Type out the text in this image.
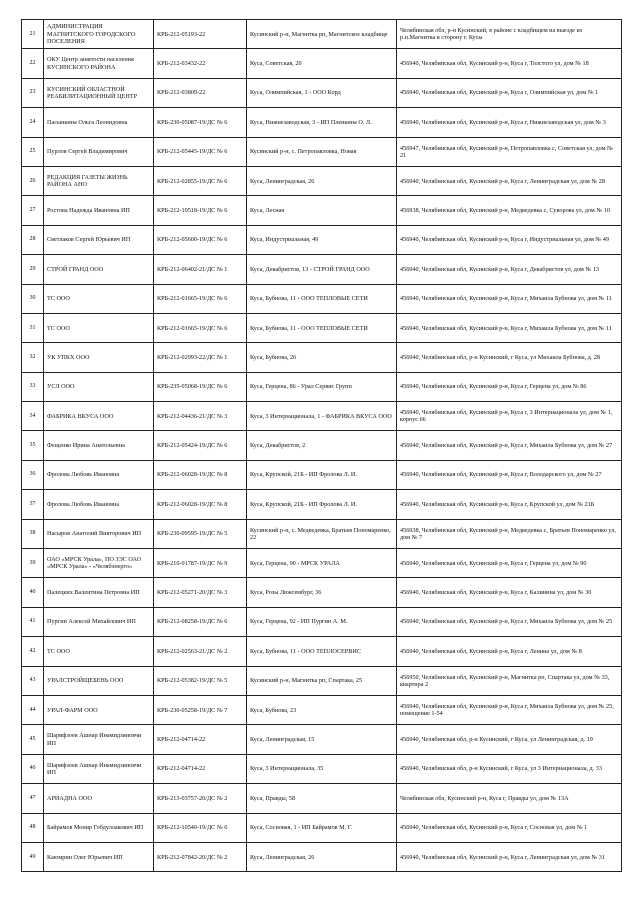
21	АДМИНИСТРАЦИЯ МАГНИТСКОГО ГОРОДСКОГО ПОСЕЛЕНИЯ	КРБ-212-05193-22	Кусинский р-н, Магнитка рп, Магнитское кладбище	Челябинская обл, р-н Кусинский, в районе с кладбищем на выезде из р.п.Магнитка в сторону г. Кусы
22	ОКУ Центр занятости населения КУСИНСКОГО РАЙОНА	КРБ-212-03432-22	Куса, Советская, 20	456940, Челябинская обл, Кусинский р-н, Куса г, Толстого ул, дом № 18
23	КУСИНСКИЙ ОБЛАСТНОЙ РЕАБИЛИТАЦИОННЫЙ ЦЕНТР	КРБ-212-03809-22	Куса, Олимпийская, 1 - ООО Корд	456940, Челябинская обл, Кусинский р-н, Куса г, Олимпийская ул, дом № 1
24	Пасынкина Ольга Леонидовна	КРБ-230-05087-19/ДС № 6	Куса, Нижнезаводская, 3 - ИП Пленкина О. Л.	456940, Челябинская обл, Кусинский р-н, Куса г, Нижнезаводская ул, дом № 3
25	Пурлов Сергей Владимирович	КРБ-212-05445-19/ДС № 6	Кусинский р-н, с. Петропавловка, Новая	456947, Челябинская обл, Кусинский р-н, Петропавловка с, Советская ул, дом № 21
26	РЕДАКЦИЯ ГАЗЕТЫ ЖИЗНЬ РАЙОНА АНО	КРБ-212-02855-19/ДС № 6	Куса, Ленинградская, 26	456940, Челябинская обл, Кусинский р-н, Куса г, Ленинградская ул, дом № 28
27	Ростова Надежда Ивановна ИП	КРБ-212-10518-19/ДС № 6	Куса, Лесная	456938, Челябинская обл, Кусинский р-н, Медведевка с, Суворова ул, дом № 10
28	Светлаков Сергей Юрьевич ИП	КРБ-212-05600-19/ДС № 6	Куса, Индустриальная, 49	456940, Челябинская обл, Кусинский р-н, Куса г, Индустриальная ул, дом № 49
29	СТРОЙ ГРАНД ООО	КРБ-212-06402-21/ДС № 1	Куса, Декабристов, 13 - СТРОЙ ГРАНД ООО	456940, Челябинская обл, Кусинский р-н, Куса г, Декабристов ул, дом № 13
30	ТС ООО	КРБ-212-01665-19/ДС № 6	Куса, Бубнова, 11 - ООО ТЕПЛОВЫЕ СЕТИ	456940, Челябинская обл, Кусинский р-н, Куса г, Михаила Бубнова ул, дом № 11
31	ТС ООО	КРБ-212-01665-19/ДС № 6	Куса, Бубнова, 11 - ООО ТЕПЛОВЫЕ СЕТИ	456940, Челябинская обл, Кусинский р-н, Куса г, Михаила Бубнова ул, дом № 11
32	УК УПКХ ООО	КРБ-212-02993-22/ДС № 1	Куса, Бубнова, 26	456940, Челябинская обл, р-н Кусинский, г Куса, ул Михаила Бубнова, д. 28
33	УСЛ ООО	КРБ-235-05068-19/ДС № 6	Куса, Герцена, 86 - Урал Сервис Групп	456940, Челябинская обл, Кусинский р-н, Куса г, Герцена ул, дом № 86
34	ФАБРИКА ВКУСА ООО	КРБ-212-04436-21/ДС № 3	Куса, 3 Интернационала, 1 - ФАБРИКА ВКУСА ООО	456940, Челябинская обл, Кусинский р-н, Куса г, 3 Интернационала ул, дом № 1, корпус 66
35	Фещенко Ирина Анатольевна	КРБ-212-05424-19/ДС № 6	Куса, Декабристов, 2	456940, Челябинская обл, Кусинский р-н, Куса г, Михаила Бубнова ул, дом № 27
36	Фролова Любовь Ивановна	КРБ-212-06028-19/ДС № 8	Куса, Крупской, 21Б - ИП Фролова Л. И.	456940, Челябинская обл, Кусинский р-н, Куса г, Володарского ул, дом № 27
37	Фролова Любовь Ивановна	КРБ-212-06028-19/ДС № 8	Куса, Крупской, 21Б - ИП Фролова Л. И.	456940, Челябинская обл, Кусинский р-н, Куса г, Крупской ул, дом № 21Б
38	Насыров Анатолий Викторович ИП	КРБ-230-09595-19/ДС № 5	Кусинский р-н, с. Медведевка, Братьев Пономаренко, 22	456938, Челябинская обл, Кусинский р-н, Медведевка с, Братьев Пономаренко ул, дом № 7
39	ОАО «МРСК Урала», ПО ЗЭС ОАО «МРСК Урала» - «Челябэнерго»	КРБ-210-01787-19/ДС № 9	Куса, Герцена, 90 - МРСК УРАЛА	456940, Челябинская обл, Кусинский р-н, Куса г, Герцена ул, дом № 90
40	Палецких Валентина Петровна ИП	КРБ-212-05271-20/ДС № 3	Куса, Розы Люксембург, 36	456940, Челябинская обл, Кусинский р-н, Куса г, Калинина ул, дом № 30
41	Пургин Алексей Михайлович ИП	КРБ-212-08258-19/ДС № 6	Куса, Герцена, 92 - ИП Пургин А. М.	456940, Челябинская обл, Кусинский р-н, Куса г, Михаила Бубнова ул, дом № 25
42	ТС ООО	КРБ-212-02563-21/ДС № 2	Куса, Бубнова, 11 - ООО ТЕПЛОСЕРВИС	456940, Челябинская обл, Кусинский р-н, Куса г, Ленина ул, дом № 8
43	УРАЛСТРОЙЩЕБЕНЬ ООО	КРБ-212-05382-19/ДС № 5	Кусинский р-н, Магнитка рп, Спартака, 25	456950, Челябинская обл, Кусинский р-н, Магнитка рп, Спартака ул, дом № 33, квартира 2
44	УРАЛ-ФАРМ ООО	КРБ-230-05258-19/ДС № 7	Куса, Бубнова, 23	456940, Челябинская обл, Кусинский р-н, Куса г, Михаила Бубнова ул, дом № 25, помещение 1-54
45	Шарифзоев Ашнар Инамидзиновчи ИП	КРБ-212-04714-22	Куса, Ленинградская, 15	456940, Челябинская обл, р-н Кусинский, г Куса, ул Ленинградская, д. 19
46	Шарифзоев Ашнар Инамидзиновчи ИП	КРБ-212-04714-22	Куса, 3 Интернационала, 35	456940, Челябинская обл, р-н Кусинский, г Куса, ул 3 Интернационала, д. 33
47	АРИАДНА ООО	КРБ-213-03757-20/ДС № 2	Куса, Правды, 58	Челябинская обл, Кусинский р-н, Куса г, Правды ул, дом № 13А
48	Байрамов Монир Гобдуллакович ИП	КРБ-212-10540-19/ДС № 6	Куса, Сосновая, 1 - ИП Байрамов М. Г.	456940, Челябинская обл, Кусинский р-н, Куса г, Сосновая ул, дом № 1
49	Каюмрин Олег Юрьевич ИП	КРБ-212-07842-20/ДС № 2	Куса, Ленинградская, 26	456940, Челябинская обл, Кусинский р-н, Куса г, Ленинградская ул, дом № 31
